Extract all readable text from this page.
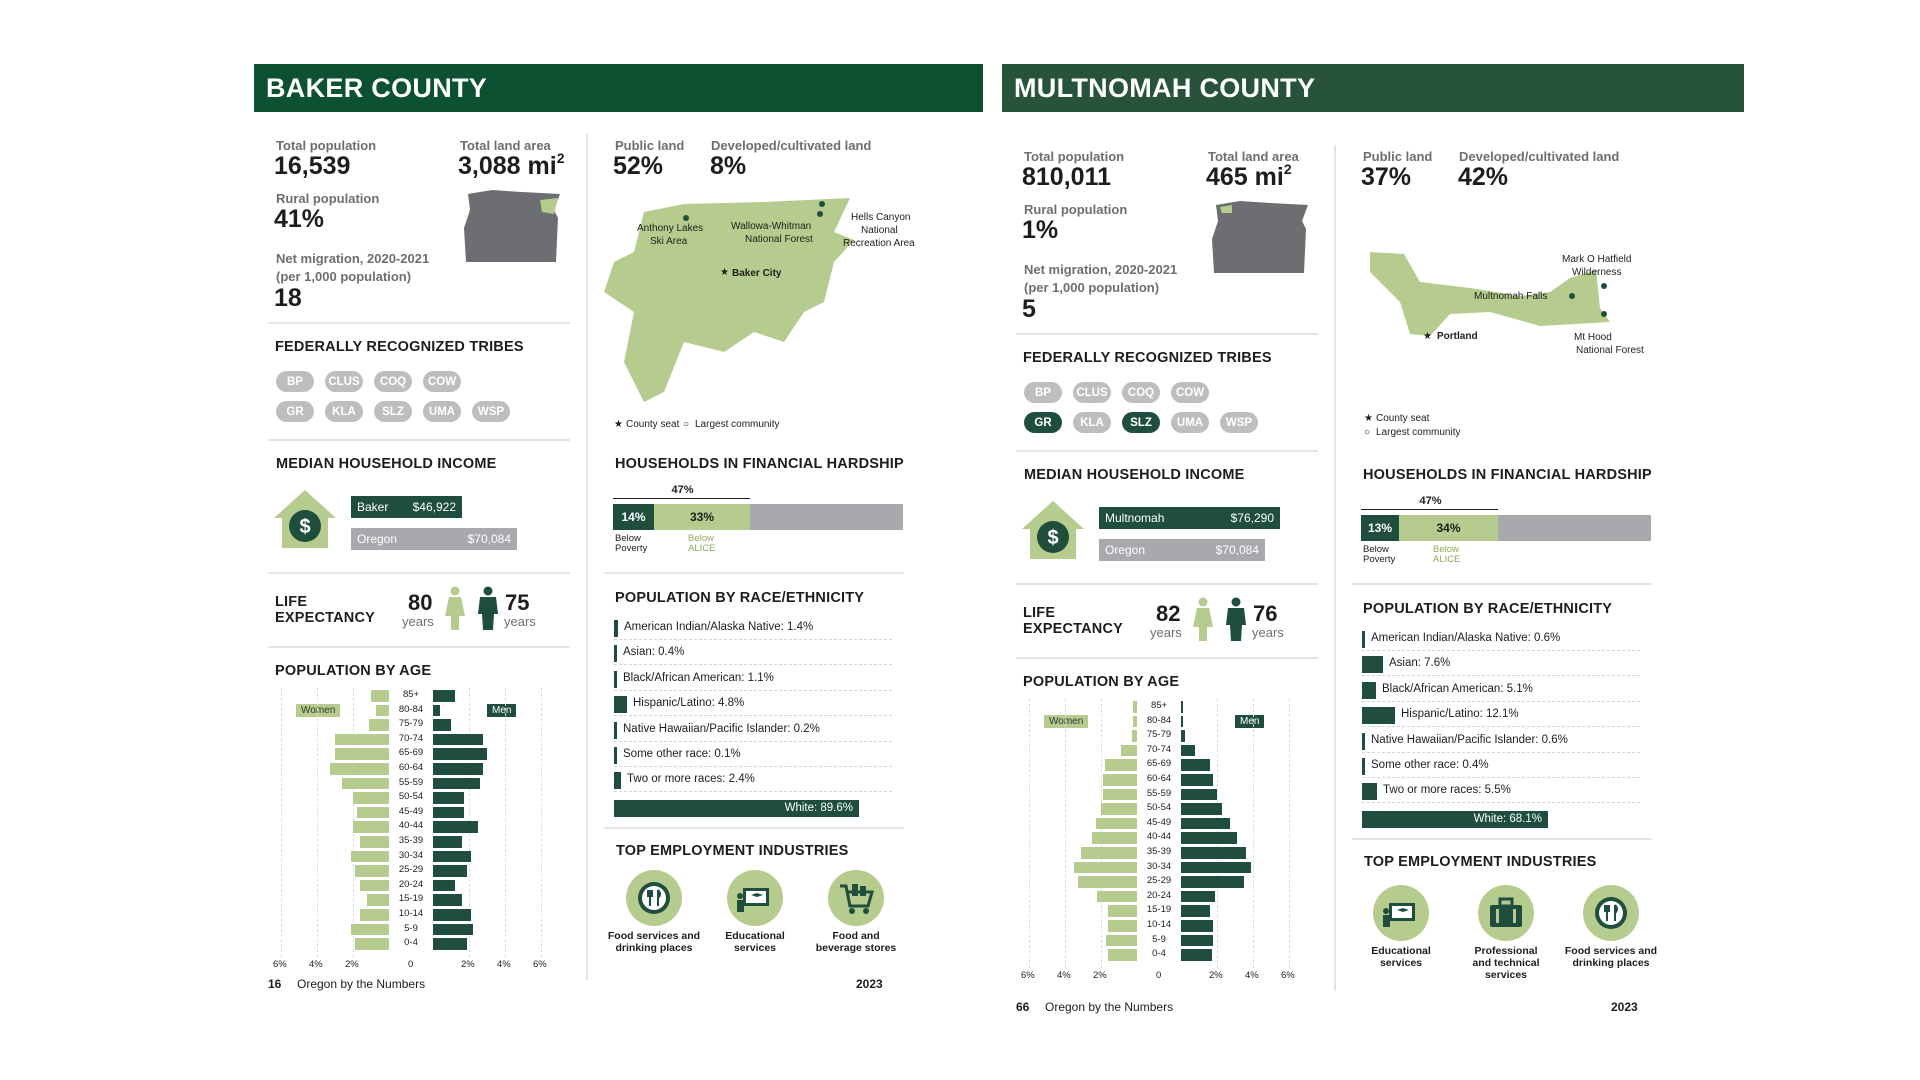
BAKER COUNTY
Total population
16,539
Total land area
3,088 $mi^2$
Rural population
41%
Net migration, 2020-2021
(per 1,000 population)
18
Public land
52%
Developed/cultivated land
8%
Anthony Lakes
Ski Area
Wallowa-Whitman
National Forest
Hells Canyon
National
Recreation Area
★ Baker City
★ County seat ○ Largest community
FEDERALLY RECOGNIZED TRIBES
BP	CLUS	COQ	COW
GR	KLA	SLZ	UMA	WSP
MEDIAN HOUSEHOLD INCOME
$
Baker $46,922
Oregon	$70,084
HOUSEHOLDS IN FINANCIAL HARDSHIP
47%
14%	33%
Below
Poverty
Below
ALICE
LIFE
EXPECTANCY
80
years
75
years
POPULATION BY AGE
Women	Men
85+
80-84
75-79
70-74
65-69
60-64
55-59
50-54
45-49
40-44
35-39
30-34
25-29
20-24
15-19
10-14
5-9
0-4
6% 4% 2%	0	2% 4% 6%
POPULATION BY RACE/ETHNICITY
American Indian/Alaska Native: 1.4%
Asian: 0.4%
Black/African American: 1.1%
Hispanic/Latino: 4.8%
Native Hawaiian/Pacific Islander: 0.2%
Some other race: 0.1%
Two or more races: 2.4%
White: 89.6%
TOP EMPLOYMENT INDUSTRIES
Food services and
drinking places
Educational
services
Food and
beverage stores
16 Oregon by the Numbers	2023
MULTNOMAH COUNTY
Total population
810,011
Total land area
465 $mi^2$
Rural population
1%
Net migration, 2020-2021
(per 1,000 population)
5
Public land
37%
Developed/cultivated land
42%
Mark O Hatfield
Wilderness
Multnomah Falls
Mt Hood
National Forest
★ Portland
★ County seat
○ Largest community
FEDERALLY RECOGNIZED TRIBES
BP	CLUS	COQ	COW
GR	KLA	SLZ	UMA	WSP
MEDIAN HOUSEHOLD INCOME
$
Multnomah	$76,290
Oregon	$70,084
HOUSEHOLDS IN FINANCIAL HARDSHIP
47%
13%	34%
Below
Poverty
Below
ALICE
LIFE
EXPECTANCY
82
years
76
years
POPULATION BY AGE
Women	Men
85+
80-84
75-79
70-74
65-69
60-64
55-59
50-54
45-49
40-44
35-39
30-34
25-29
20-24
15-19
10-14
5-9
0-4
6% 4% 2%	0	2% 4% 6%
POPULATION BY RACE/ETHNICITY
American Indian/Alaska Native: 0.6%
Asian: 7.6%
Black/African American: 5.1%
Hispanic/Latino: 12.1%
Native Hawaiian/Pacific Islander: 0.6%
Some other race: 0.4%
Two or more races: 5.5%
White: 68.1%
TOP EMPLOYMENT INDUSTRIES
Educational
services
Professional
and technical
services
Food services and
drinking places
66 Oregon by the Numbers	2023
